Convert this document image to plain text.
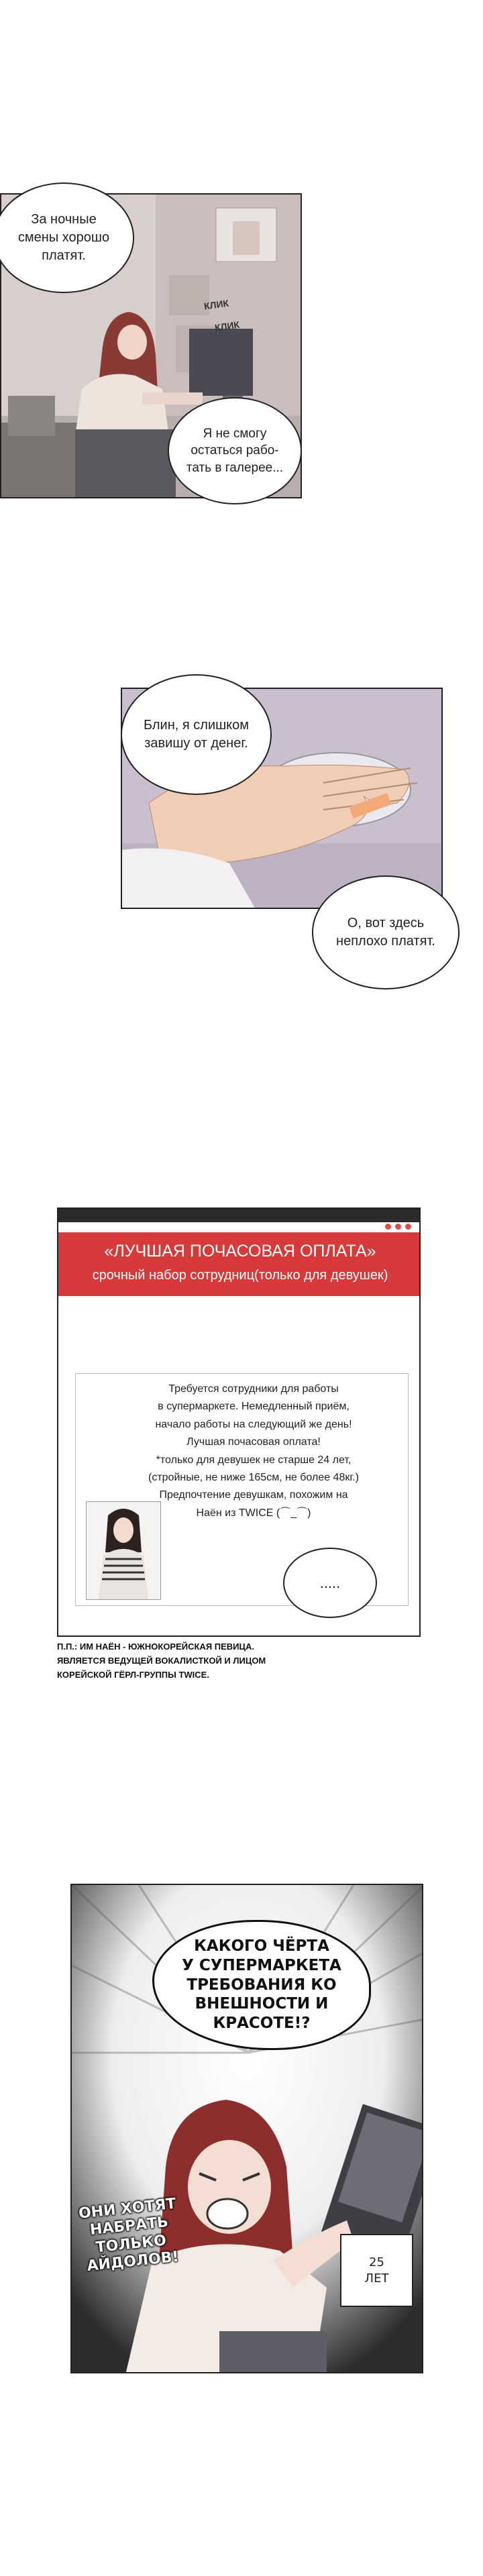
КЛИК
КЛИК
За ночные
смены хорошо
платят.
Я не смогу
остаться рабо-
тать в галерее...
Блин, я слишком
завишу от денег.
О, вот здесь
неплохо платят.
«ЛУЧШАЯ ПОЧАСОВАЯ ОПЛАТА»
срочный набор сотрудниц(только для девушек)
Требуется сотрудники для работы
в супермаркете. Немедленный приём,
начало работы на следующий же день!
Лучшая почасовая оплата!
*только для девушек не старше 24 лет,
(стройные, не ниже 165см, не более 48кг.)
Предпочтение девушкам, похожим на
Наён из TWICE (⌒_⌒)
.....
П.П.: ИМ НАЁН - ЮЖНОКОРЕЙСКАЯ ПЕВИЦА.
ЯВЛЯЕТСЯ ВЕДУЩЕЙ ВОКАЛИСТКОЙ И ЛИЦОМ
КОРЕЙСКОЙ ГЁРЛ-ГРУППЫ TWICE.
КАКОГО ЧЁРТА
У СУПЕРМАРКЕТА
ТРЕБОВАНИЯ КО
ВНЕШНОСТИ И
КРАСОТЕ!?
ОНИ ХОТЯТ
НАБРАТЬ ТОЛЬКО
АЙДОЛОВ!	25
ЛЕТ
